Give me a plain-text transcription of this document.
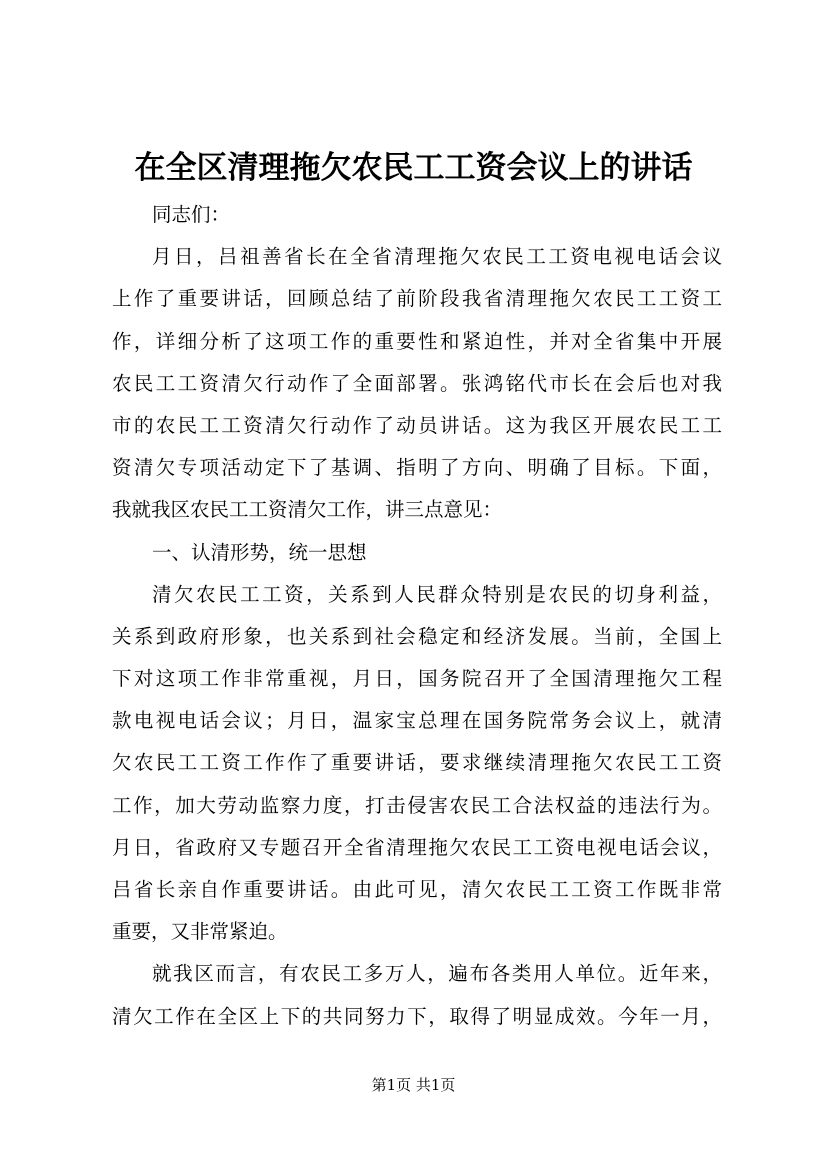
在全区清理拖欠农民工工资会议上的讲话
同志们：
月日，吕祖善省长在全省清理拖欠农民工工资电视电话会议
上作了重要讲话，回顾总结了前阶段我省清理拖欠农民工工资工
作，详细分析了这项工作的重要性和紧迫性，并对全省集中开展
农民工工资清欠行动作了全面部署。张鸿铭代市长在会后也对我
市的农民工工资清欠行动作了动员讲话。这为我区开展农民工工
资清欠专项活动定下了基调、指明了方向、明确了目标。下面，
我就我区农民工工资清欠工作，讲三点意见：
一、认清形势，统一思想
清欠农民工工资，关系到人民群众特别是农民的切身利益，
关系到政府形象，也关系到社会稳定和经济发展。当前，全国上
下对这项工作非常重视，月日，国务院召开了全国清理拖欠工程
款电视电话会议；月日，温家宝总理在国务院常务会议上，就清
欠农民工工资工作作了重要讲话，要求继续清理拖欠农民工工资
工作，加大劳动监察力度，打击侵害农民工合法权益的违法行为。
月日，省政府又专题召开全省清理拖欠农民工工资电视电话会议，
吕省长亲自作重要讲话。由此可见，清欠农民工工资工作既非常
重要，又非常紧迫。
就我区而言，有农民工多万人，遍布各类用人单位。近年来，
清欠工作在全区上下的共同努力下，取得了明显成效。今年一月，
第1页 共1页
